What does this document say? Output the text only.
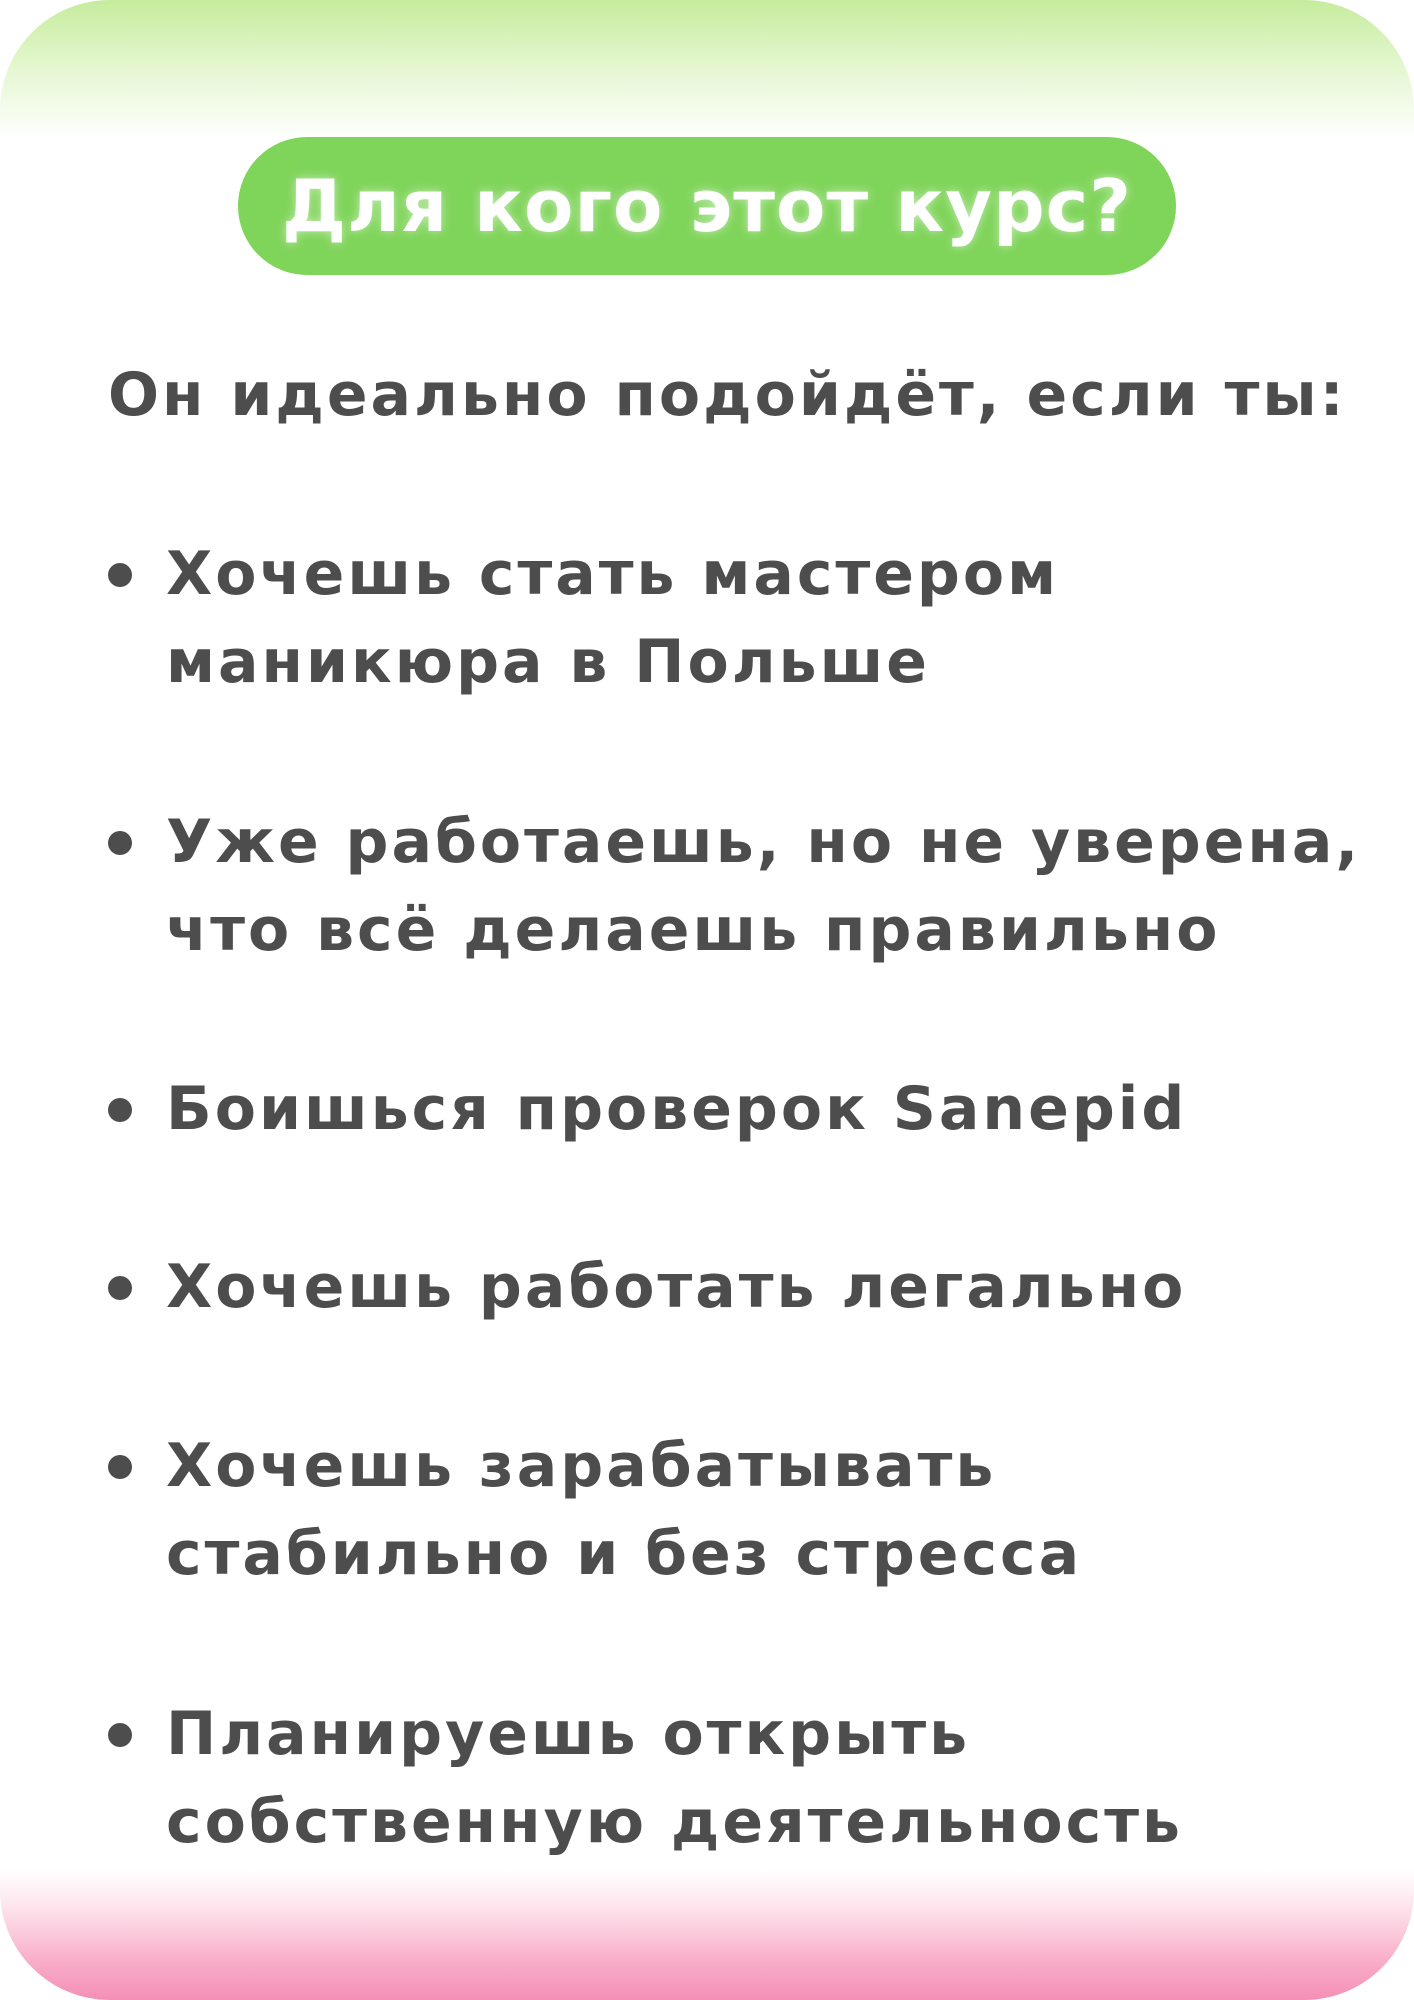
Для кого этот курс?
Он идеально подойдёт, если ты:
Хочешь стать мастером
маникюра в Польше
Уже работаешь, но не уверена,
что всё делаешь правильно
Боишься проверок Sanepid
Хочешь работать легально
Хочешь зарабатывать
стабильно и без стресса
Планируешь открыть
собственную деятельность
